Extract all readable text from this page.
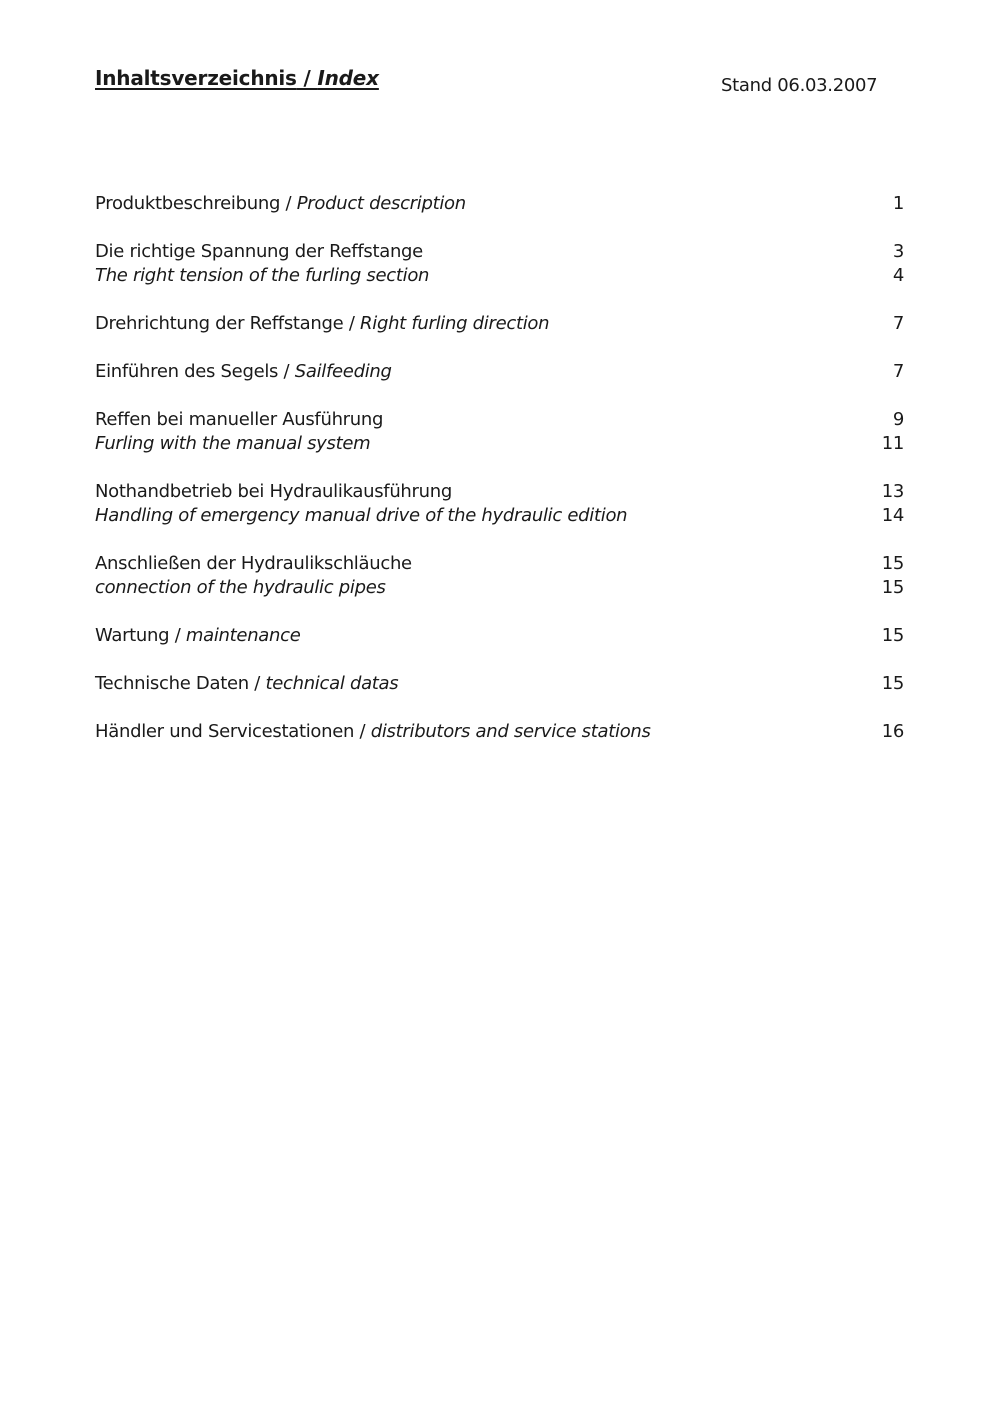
Inhaltsverzeichnis / Index	Stand 06.03.2007
Produktbeschreibung / Product description	1
Die richtige Spannung der Reffstange	3
The right tension of the furling section	4
Drehrichtung der Reffstange / Right furling direction	7
Einführen des Segels / Sailfeeding	7
Reffen bei manueller Ausführung	9
Furling with the manual system	11
Nothandbetrieb bei Hydraulikausführung	13
Handling of emergency manual drive of the hydraulic edition	14
Anschließen der Hydraulikschläuche	15
connection of the hydraulic pipes	15
Wartung / maintenance	15
Technische Daten / technical datas	15
Händler und Servicestationen / distributors and service stations	16
